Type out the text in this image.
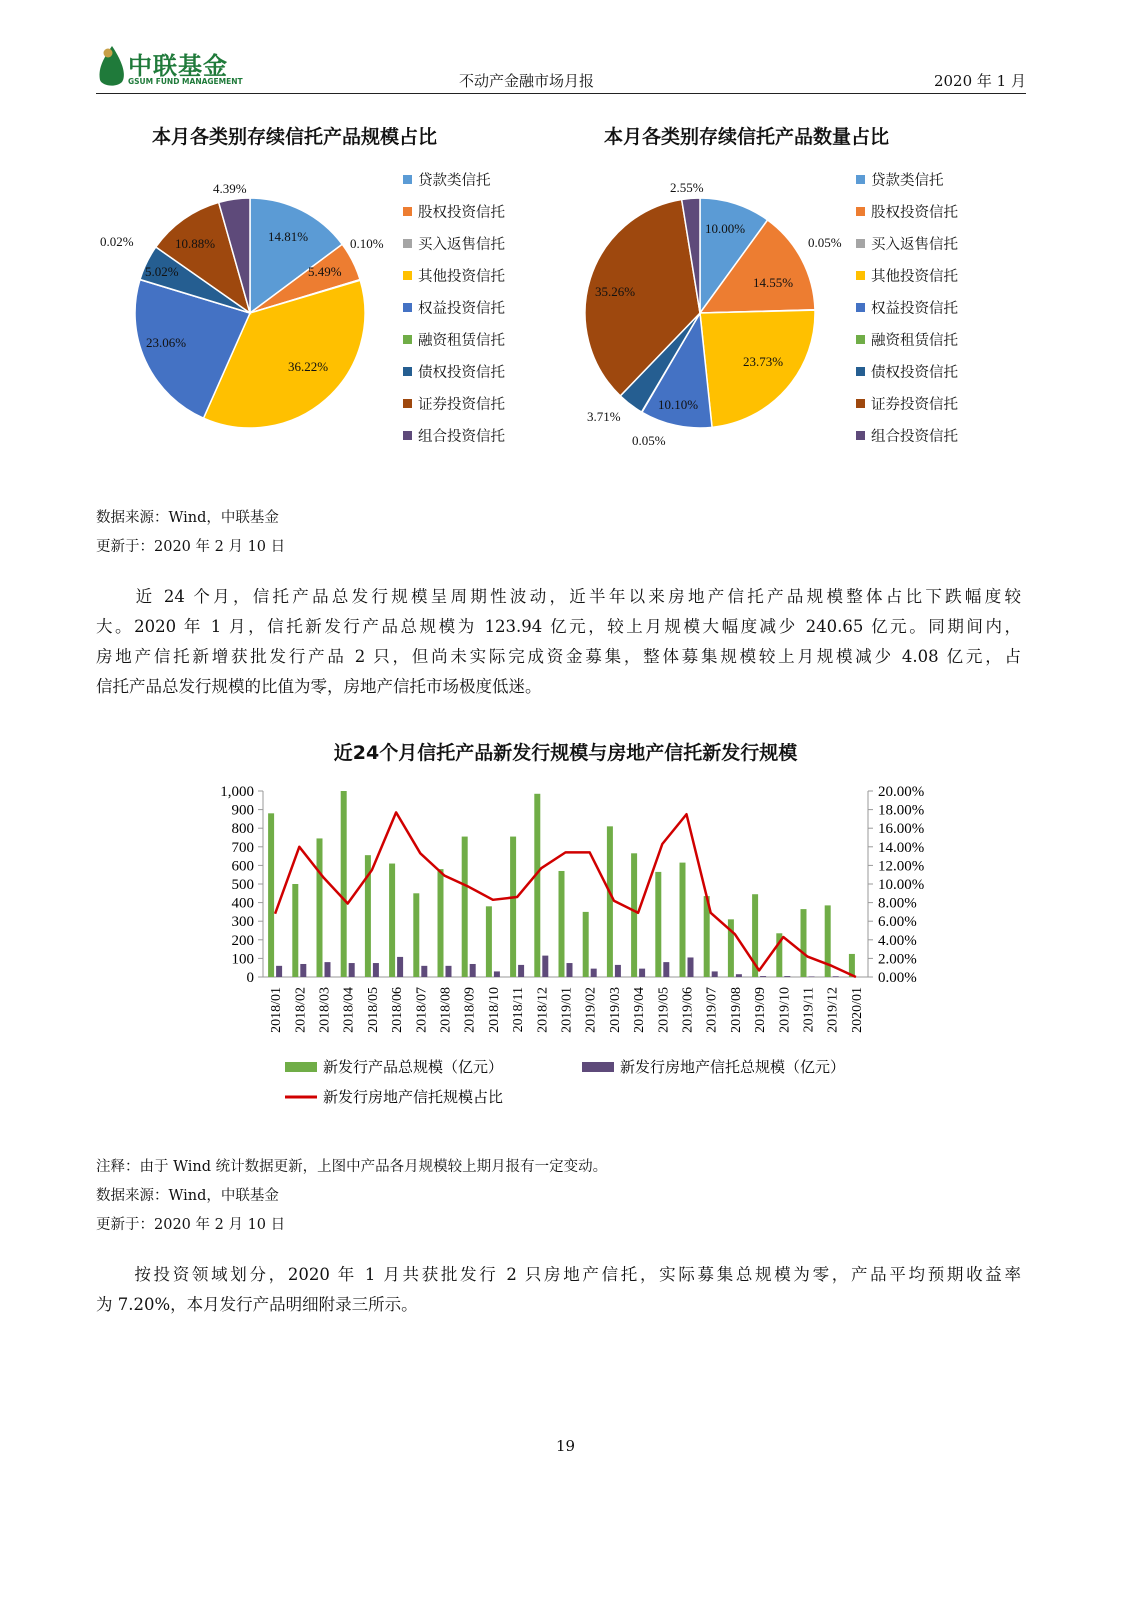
中联基金
GSUM FUND MANAGEMENT	不动产金融市场月报	2020 年 1 月
本月各类别存续信托产品规模占比
14.81%
5.49%
0.10%
36.22%
23.06%
0.02%
5.02%
10.88%
4.39%	贷款类信托
股权投资信托
买入返售信托
其他投资信托
权益投资信托
融资租赁信托
债权投资信托
证券投资信托
组合投资信托
本月各类别存续信托产品数量占比
10.00%
14.55%
0.05%
23.73%
10.10%
0.05%
3.71%
35.26%
2.55%	贷款类信托
股权投资信托
买入返售信托
其他投资信托
权益投资信托
融资租赁信托
债权投资信托
证券投资信托
组合投资信托
数据来源：Wind，中联基金
更新于：2020 年 2 月 10 日
　　近 24 个月，信托产品总发行规模呈周期性波动，近半年以来房地产信托产品规模整体占比下跌幅度较
大。2020 年 1 月，信托新发行产品总规模为 123.94 亿元，较上月规模大幅度减少 240.65 亿元。同期间内，
房地产信托新增获批发行产品 2 只，但尚未实际完成资金募集，整体募集规模较上月规模减少 4.08 亿元，占
信托产品总发行规模的比值为零，房地产信托市场极度低迷。
近24个月信托产品新发行规模与房地产信托新发行规模
1,000
900
800
700
600
500
400
300
200
100
0
20.00%
18.00%
16.00%
14.00%
12.00%
10.00%
8.00%
6.00%
4.00%
2.00%
0.00%
2018/01 2018/02 2018/03 2018/04 2018/05 2018/06 2018/07 2018/08 2018/09 2018/10 2018/11 2018/12 2019/01 2019/02 2019/03 2019/04 2019/05 2019/06 2019/07 2019/08 2019/09 2019/10 2019/11 2019/12 2020/01
新发行产品总规模（亿元）	新发行房地产信托总规模（亿元）
新发行房地产信托规模占比
注释：由于 Wind 统计数据更新，上图中产品各月规模较上期月报有一定变动。
数据来源：Wind，中联基金
更新于：2020 年 2 月 10 日
　　按投资领域划分，2020 年 1 月共获批发行 2 只房地产信托，实际募集总规模为零，产品平均预期收益率
为 7.20%，本月发行产品明细附录三所示。
19
